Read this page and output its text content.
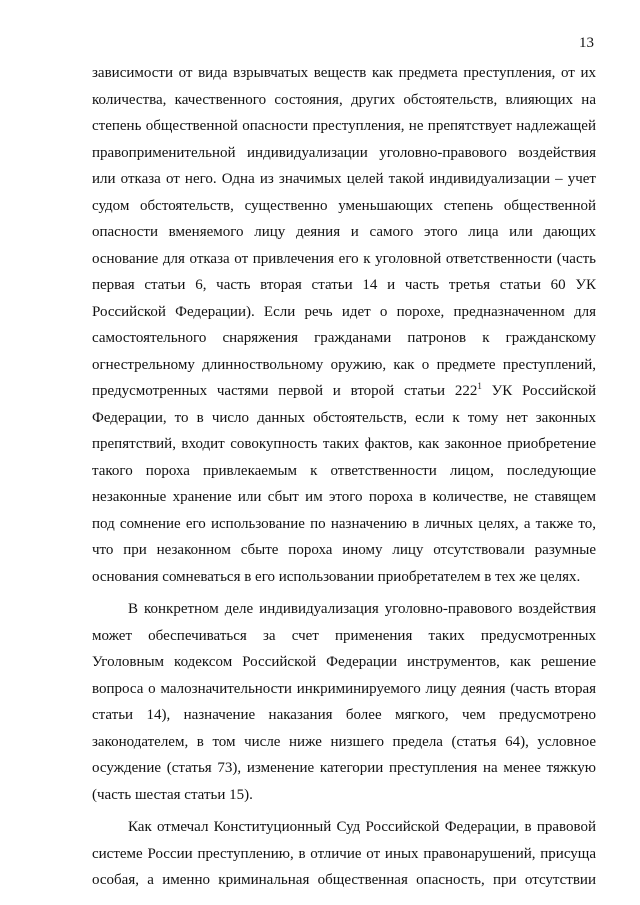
13
зависимости от вида взрывчатых веществ как предмета преступления, от их
количества, качественного состояния, других обстоятельств, влияющих на
степень общественной опасности преступления, не препятствует надлежащей
правоприменительной индивидуализации уголовно-правового воздействия
или отказа от него. Одна из значимых целей такой индивидуализации – учет
судом обстоятельств, существенно уменьшающих степень общественной
опасности вменяемого лицу деяния и самого этого лица или дающих
основание для отказа от привлечения его к уголовной ответственности (часть
первая статьи 6, часть вторая статьи 14 и часть третья статьи 60 УК
Российской Федерации). Если речь идет о порохе, предназначенном для
самостоятельного снаряжения гражданами патронов к гражданскому
огнестрельному длинноствольному оружию, как о предмете преступлений,
предусмотренных частями первой и второй статьи $222^1$ УК Российской
Федерации, то в число данных обстоятельств, если к тому нет законных
препятствий, входит совокупность таких фактов, как законное приобретение
такого пороха привлекаемым к ответственности лицом, последующие
незаконные хранение или сбыт им этого пороха в количестве, не ставящем
под сомнение его использование по назначению в личных целях, а также то,
что при незаконном сбыте пороха иному лицу отсутствовали разумные
основания сомневаться в его использовании приобретателем в тех же целях.
В конкретном деле индивидуализация уголовно-правового воздействия
может обеспечиваться за счет применения таких предусмотренных
Уголовным кодексом Российской Федерации инструментов, как решение
вопроса о малозначительности инкриминируемого лицу деяния (часть вторая
статьи 14), назначение наказания более мягкого, чем предусмотрено
законодателем, в том числе ниже низшего предела (статья 64), условное
осуждение (статья 73), изменение категории преступления на менее тяжкую
(часть шестая статьи 15).
Как отмечал Конституционный Суд Российской Федерации, в правовой
системе России преступлению, в отличие от иных правонарушений, присуща
особая, а именно криминальная общественная опасность, при отсутствии
